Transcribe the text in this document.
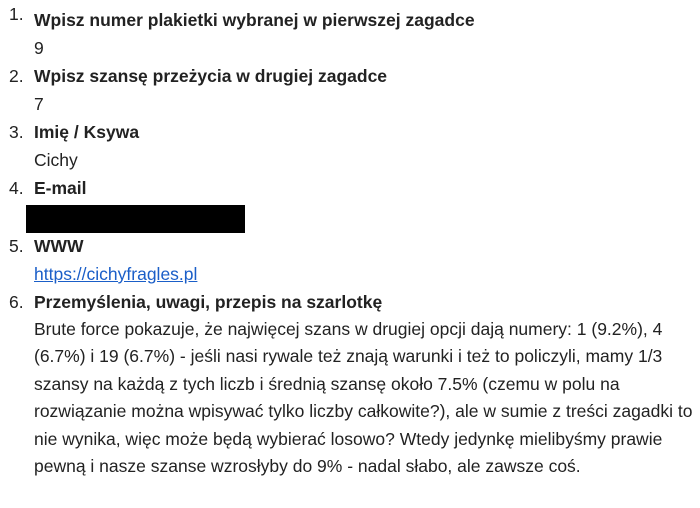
1. Wpisz numer plakietki wybranej w pierwszej zagadce
9
2. Wpisz szansę przeżycia w drugiej zagadce
7
3. Imię / Ksywa
Cichy
4. E-mail
5. WWW
https://cichyfragles.pl
6. Przemyślenia, uwagi, przepis na szarlotkę
Brute force pokazuje, że najwięcej szans w drugiej opcji dają numery: 1 (9.2%), 4 (6.7%) i 19 (6.7%) - jeśli nasi rywale też znają warunki i też to policzyli, mamy 1/3 szansy na każdą z tych liczb i średnią szansę około 7.5% (czemu w polu na rozwiązanie można wpisywać tylko liczby całkowite?), ale w sumie z treści zagadki to nie wynika, więc może będą wybierać losowo? Wtedy jedynkę mielibyśmy prawie pewną i nasze szanse wzrosłyby do 9% - nadal słabo, ale zawsze coś.
